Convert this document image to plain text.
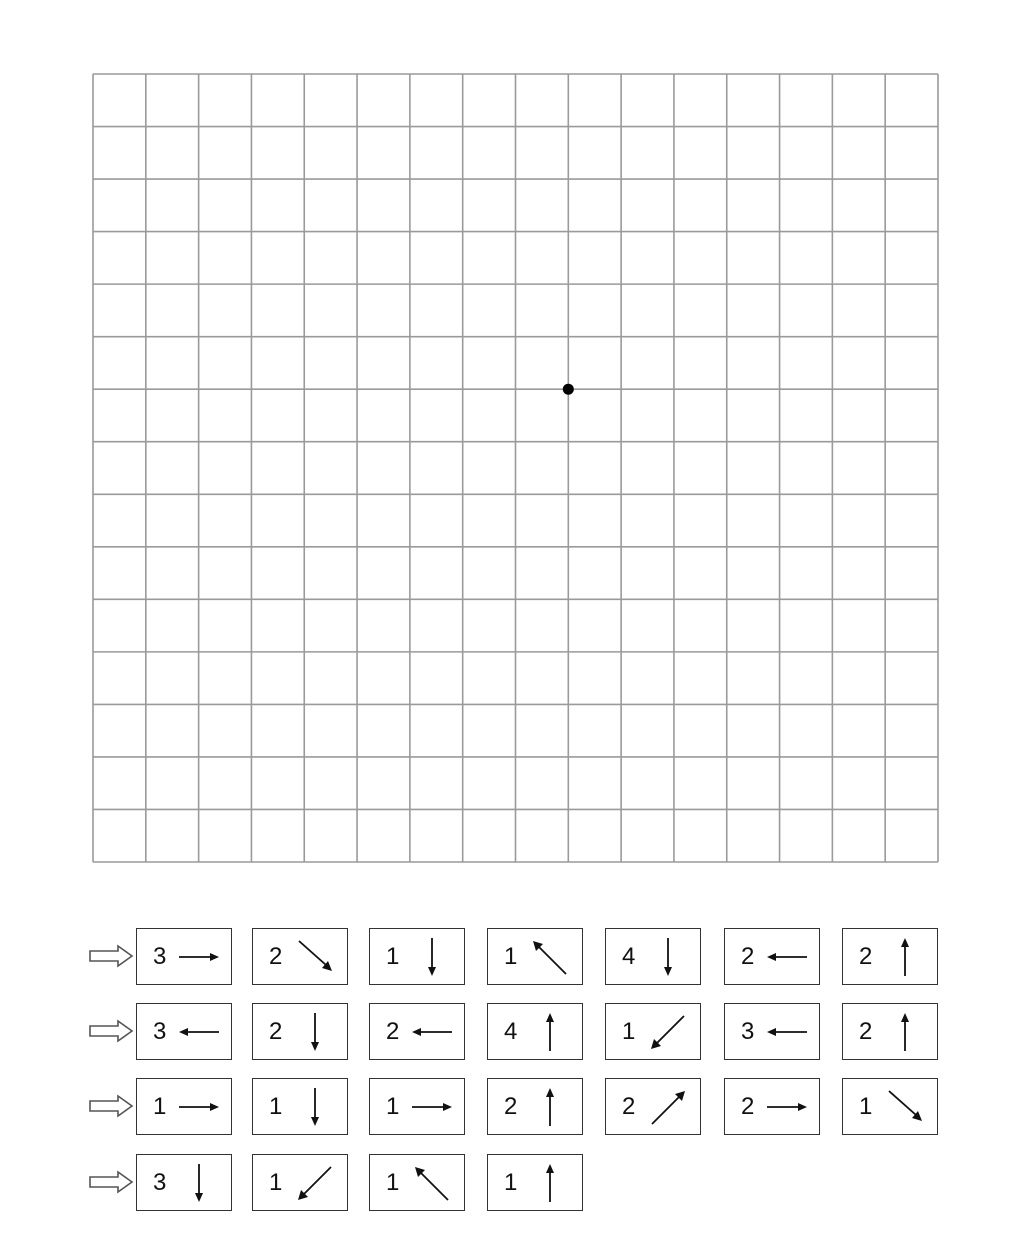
3	2	1	1	4	2	2
3	2	2	4	1	3	2
1	1	1	2	2	2	1
3	1	1	1
